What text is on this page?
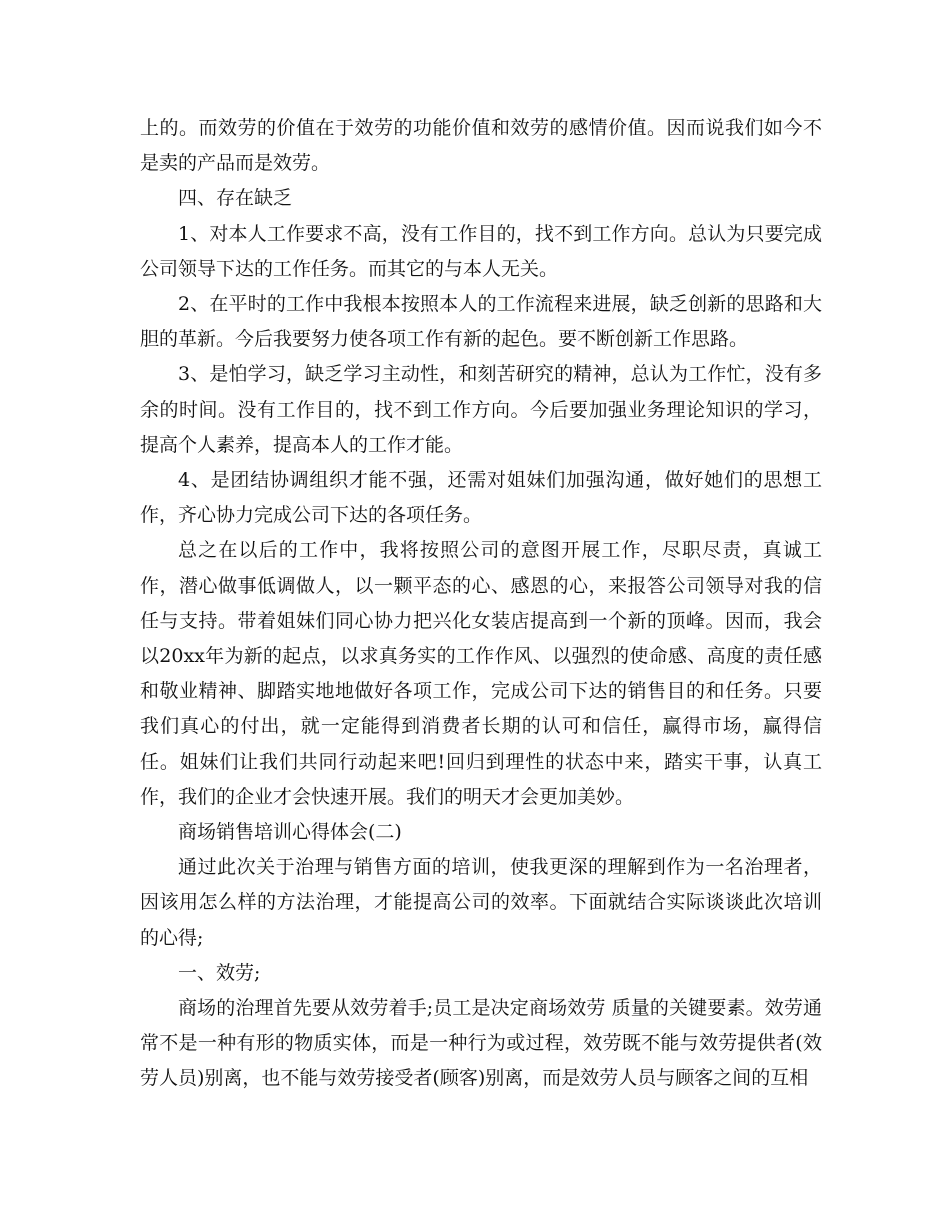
上的。而效劳的价值在于效劳的功能价值和效劳的感情价值。因而说我们如今不是卖的产品而是效劳。

四、存在缺乏

1、对本人工作要求不高，没有工作目的，找不到工作方向。总认为只要完成公司领导下达的工作任务。而其它的与本人无关。

2、在平时的工作中我根本按照本人的工作流程来进展，缺乏创新的思路和大胆的革新。今后我要努力使各项工作有新的起色。要不断创新工作思路。

3、是怕学习，缺乏学习主动性，和刻苦研究的精神，总认为工作忙，没有多余的时间。没有工作目的，找不到工作方向。今后要加强业务理论知识的学习，提高个人素养，提高本人的工作才能。

4、是团结协调组织才能不强，还需对姐妹们加强沟通，做好她们的思想工作，齐心协力完成公司下达的各项任务。

总之在以后的工作中，我将按照公司的意图开展工作，尽职尽责，真诚工作，潜心做事低调做人，以一颗平态的心、感恩的心，来报答公司领导对我的信任与支持。带着姐妹们同心协力把兴化女装店提高到一个新的顶峰。因而，我会以20xx年为新的起点，以求真务实的工作作风、以强烈的使命感、高度的责任感和敬业精神、脚踏实地地做好各项工作，完成公司下达的销售目的和任务。只要我们真心的付出，就一定能得到消费者长期的认可和信任，赢得市场，赢得信任。姐妹们让我们共同行动起来吧!回归到理性的状态中来，踏实干事，认真工作，我们的企业才会快速开展。我们的明天才会更加美妙。

商场销售培训心得体会(二)

通过此次关于治理与销售方面的培训，使我更深的理解到作为一名治理者，因该用怎么样的方法治理，才能提高公司的效率。下面就结合实际谈谈此次培训的心得;

一、效劳;

商场的治理首先要从效劳着手;员工是决定商场效劳 质量的关键要素。效劳通常不是一种有形的物质实体，而是一种行为或过程，效劳既不能与效劳提供者(效劳人员)别离，也不能与效劳接受者(顾客)别离，而是效劳人员与顾客之间的互相
